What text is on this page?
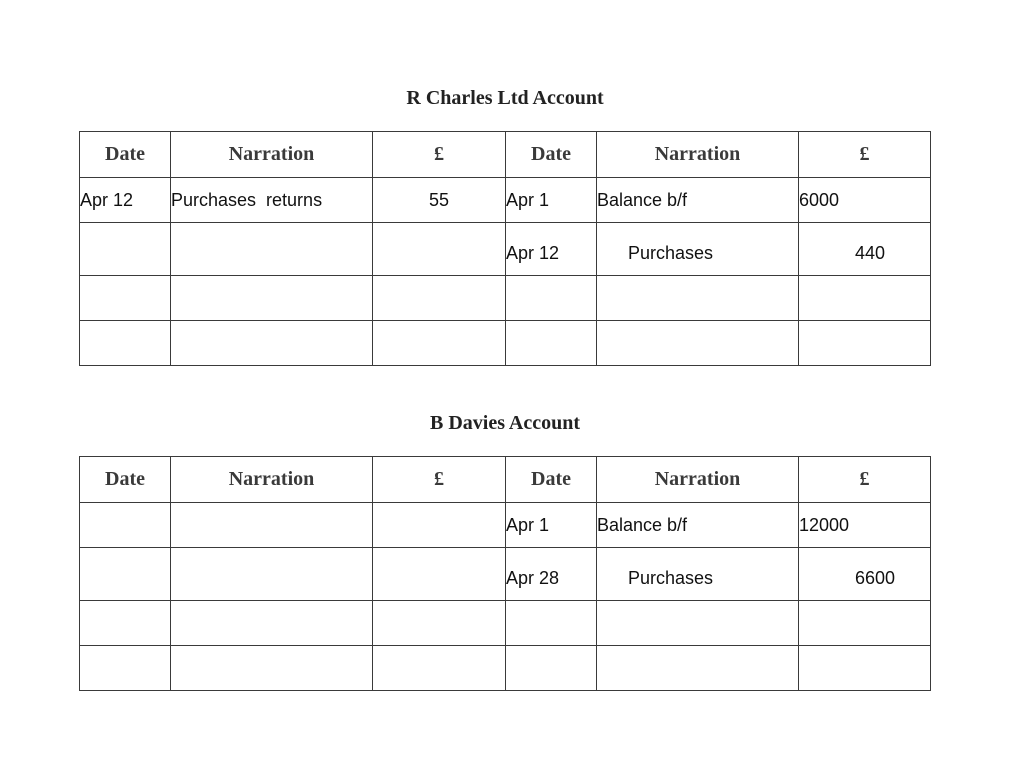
R Charles Ltd Account
Date	Narration	£	Date	Narration	£
Apr 12	Purchases  returns	55	Apr 1	Balance b/f	6000
			Apr 12	Purchases	440

B Davies Account
Date	Narration	£	Date	Narration	£
			Apr 1	Balance b/f	12000
			Apr 28	Purchases	6600
